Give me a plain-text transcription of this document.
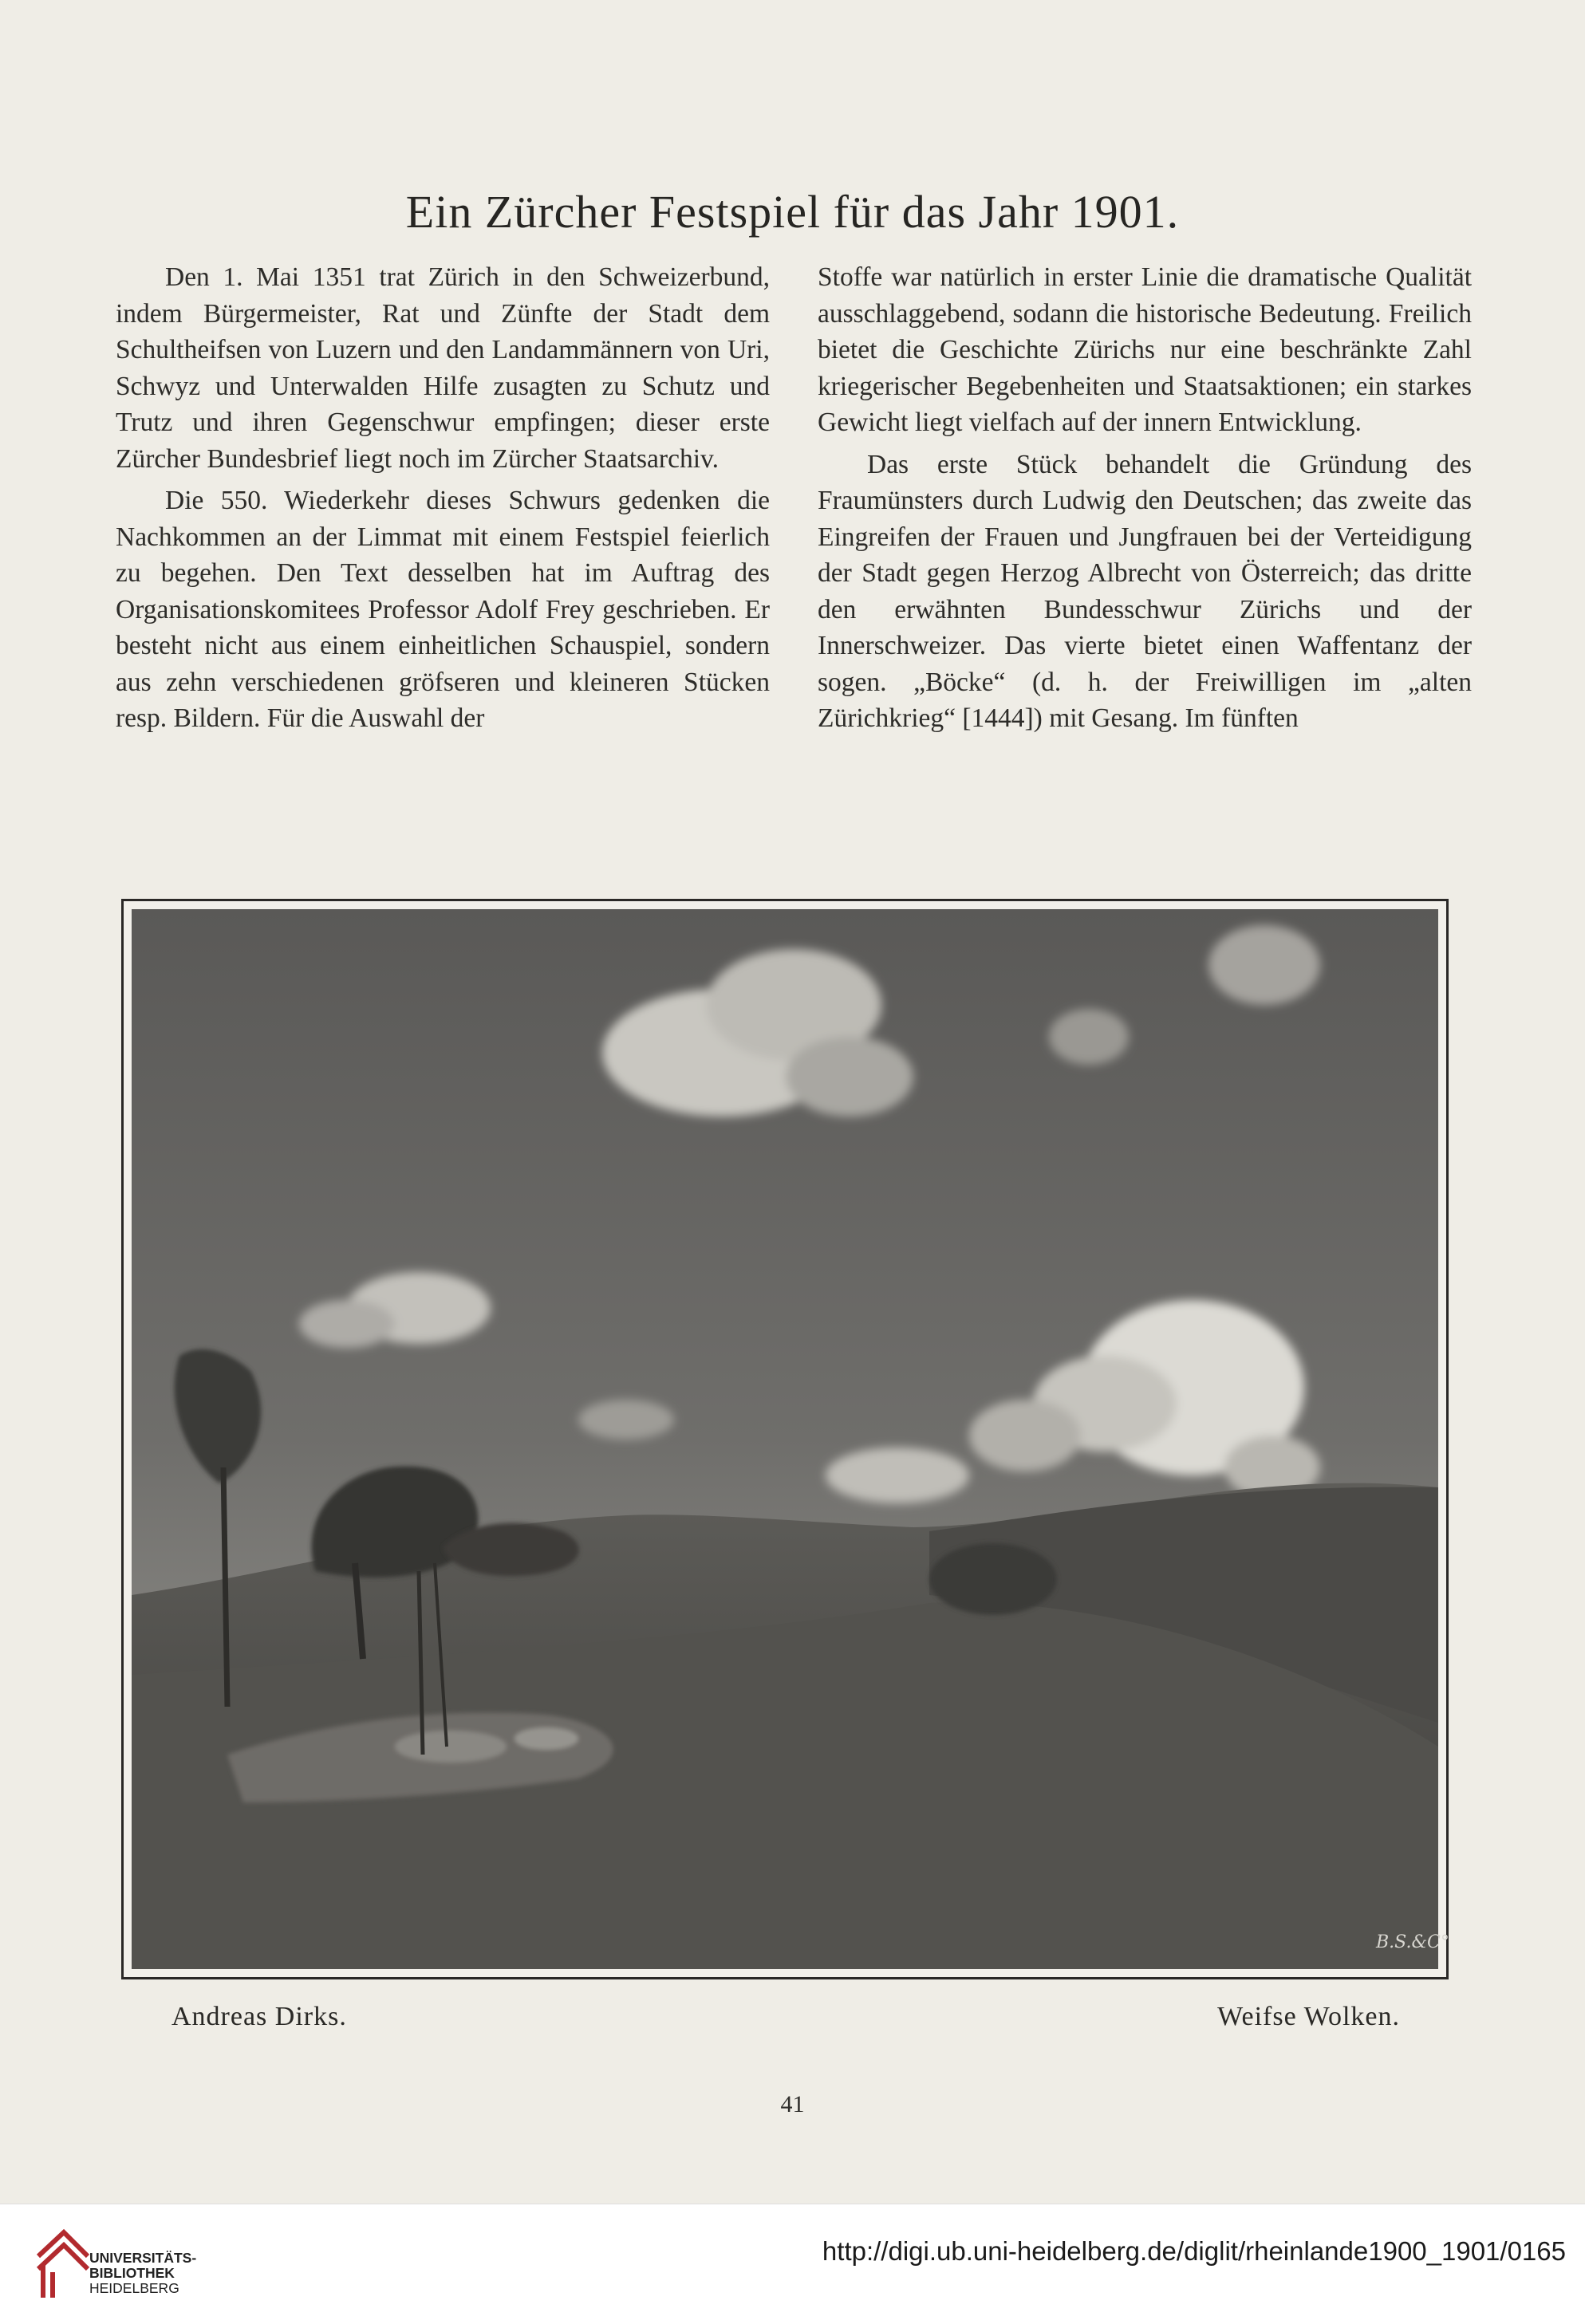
Ein Zürcher Festspiel für das Jahr 1901.

Den 1. Mai 1351 trat Zürich in den Schweizerbund, indem Bürgermeister, Rat und Zünfte der Stadt dem Schultheifsen von Luzern und den Landammännern von Uri, Schwyz und Unterwalden Hilfe zusagten zu Schutz und Trutz und ihren Gegenschwur empfingen; dieser erste Zürcher Bundesbrief liegt noch im Zürcher Staatsarchiv.

Die 550. Wiederkehr dieses Schwurs gedenken die Nachkommen an der Limmat mit einem Festspiel feierlich zu begehen. Den Text desselben hat im Auftrag des Organisationskomitees Professor Adolf Frey geschrieben. Er besteht nicht aus einem einheitlichen Schauspiel, sondern aus zehn verschiedenen gröfseren und kleineren Stücken resp. Bildern. Für die Auswahl der

Stoffe war natürlich in erster Linie die dramatische Qualität ausschlaggebend, sodann die historische Bedeutung. Freilich bietet die Geschichte Zürichs nur eine beschränkte Zahl kriegerischer Begebenheiten und Staatsaktionen; ein starkes Gewicht liegt vielfach auf der innern Entwicklung.

Das erste Stück behandelt die Gründung des Fraumünsters durch Ludwig den Deutschen; das zweite das Eingreifen der Frauen und Jungfrauen bei der Verteidigung der Stadt gegen Herzog Albrecht von Österreich; das dritte den erwähnten Bundesschwur Zürichs und der Innerschweizer. Das vierte bietet einen Waffentanz der sogen. „Böcke“ (d. h. der Freiwilligen im „alten Zürichkrieg“ [1444]) mit Gesang. Im fünften

B.S.&C°
Andreas Dirks.	Weifse Wolken.
41
UNIVERSITÄTS-
BIBLIOTHEK
HEIDELBERG
http://digi.ub.uni-heidelberg.de/diglit/rheinlande1900_1901/0165
